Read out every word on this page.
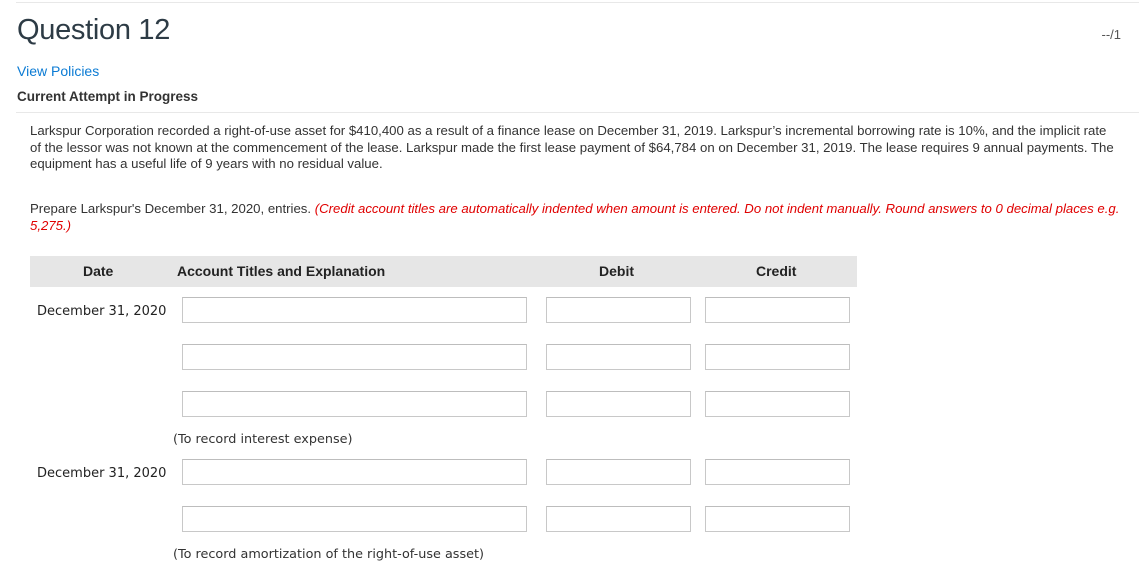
Question 12	--/1
View Policies
Current Attempt in Progress
Larkspur Corporation recorded a right-of-use asset for $410,400 as a result of a finance lease on December 31, 2019. Larkspur’s incremental borrowing rate is 10%, and the implicit rate of the lessor was not known at the commencement of the lease. Larkspur made the first lease payment of $64,784 on on December 31, 2019. The lease requires 9 annual payments. The equipment has a useful life of 9 years with no residual value.
Prepare Larkspur's December 31, 2020, entries. (Credit account titles are automatically indented when amount is entered. Do not indent manually. Round answers to 0 decimal places e.g. 5,275.)
Date	Account Titles and Explanation	Debit	Credit
December 31, 2020
(To record interest expense)
December 31, 2020
(To record amortization of the right-of-use asset)
